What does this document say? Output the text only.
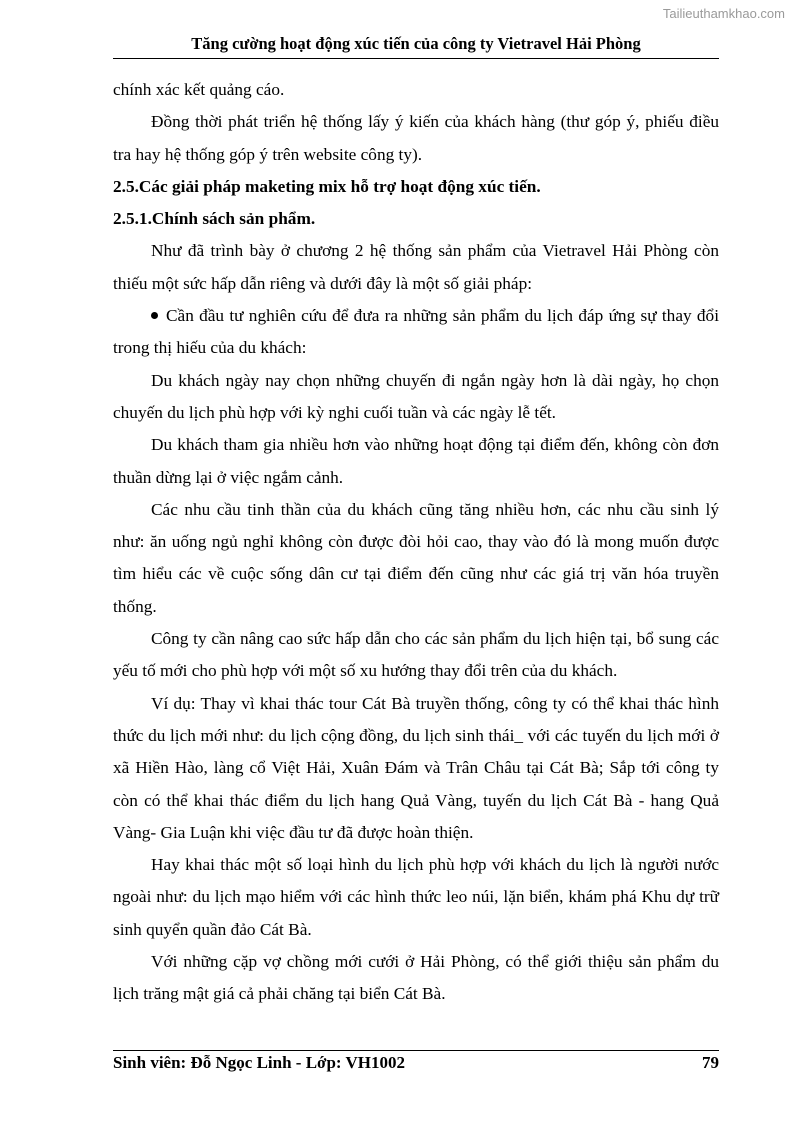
Tailieuthamkhao.com
Tăng cường hoạt động xúc tiến của công ty Vietravel Hải Phòng

chính xác kết quảng cáo.

Đồng thời phát triển hệ thống lấy ý kiến của khách hàng (thư góp ý, phiếu điều tra hay hệ thống góp ý trên website công ty).

2.5.Các giải pháp maketing mix hỗ trợ hoạt động xúc tiến.

2.5.1.Chính sách sản phẩm.

Như đã trình bày ở chương 2 hệ thống sản phẩm của Vietravel Hải Phòng còn thiếu một sức hấp dẫn riêng và dưới đây là một số giải pháp:

Cần đầu tư nghiên cứu để đưa ra những sản phẩm du lịch đáp ứng sự thay đổi trong thị hiếu của du khách:

Du khách ngày nay chọn những chuyến đi ngắn ngày hơn là dài ngày, họ chọn chuyến du lịch phù hợp với kỳ nghi cuối tuần và các ngày lễ tết.

Du khách tham gia nhiều hơn vào những hoạt động tại điểm đến, không còn đơn thuần dừng lại ở việc ngắm cảnh.

Các nhu cầu tinh thần của du khách cũng tăng nhiều hơn, các nhu cầu sinh lý như: ăn uống ngủ nghỉ không còn được đòi hỏi cao, thay vào đó là mong muốn được tìm hiểu các về cuộc sống dân cư tại điểm đến cũng như các giá trị văn hóa truyền thống.

Công ty cần nâng cao sức hấp dẫn cho các sản phẩm du lịch hiện tại, bổ sung các yếu tố mới cho phù hợp với một số xu hướng thay đổi trên của du khách.

Ví dụ: Thay vì khai thác tour Cát Bà truyền thống, công ty có thể khai thác hình thức du lịch mới như: du lịch cộng đồng, du lịch sinh thái_ với các tuyến du lịch mới ở xã Hiền Hào, làng cổ Việt Hải, Xuân Đám và Trân Châu tại Cát Bà; Sắp tới công ty còn có thể khai thác điểm du lịch hang Quả Vàng, tuyến du lịch Cát Bà - hang Quả Vàng- Gia Luận khi việc đầu tư đã được hoàn thiện.

Hay khai thác một số loại hình du lịch phù hợp với khách du lịch là người nước ngoài như: du lịch mạo hiểm với các hình thức leo núi, lặn biển, khám phá Khu dự trữ sinh quyển quần đảo Cát Bà.

Với những cặp vợ chồng mới cưới ở Hải Phòng, có thể giới thiệu sản phẩm du lịch trăng mật giá cả phải chăng tại biển Cát Bà.

Sinh viên: Đỗ Ngọc Linh - Lớp: VH1002	79
